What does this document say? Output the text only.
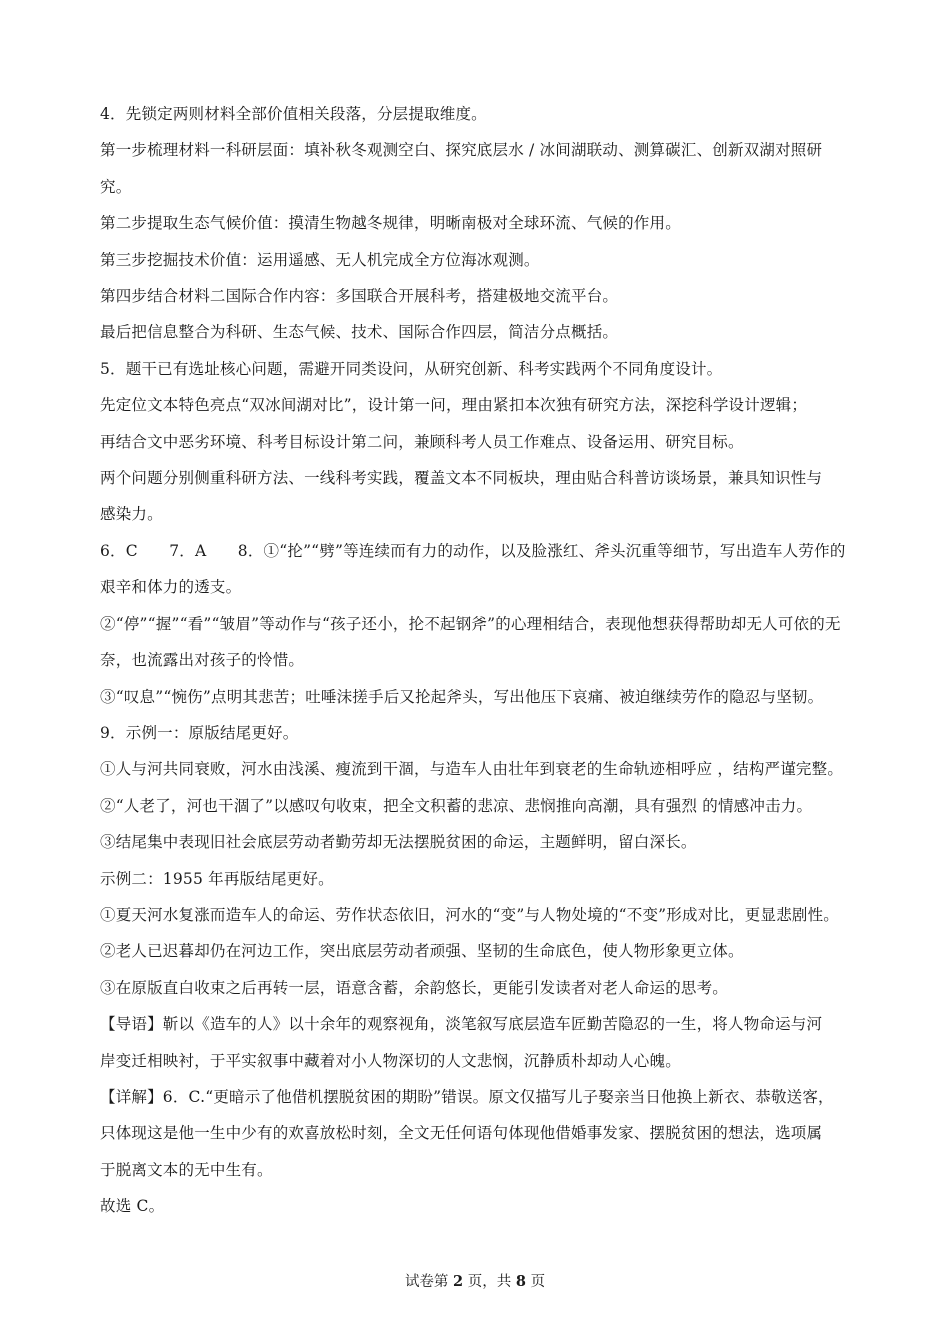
4．先锁定两则材料全部价值相关段落，分层提取维度。
第一步梳理材料一科研层面：填补秋冬观测空白、探究底层水 / 冰间湖联动、测算碳汇、创新双湖对照研
究。
第二步提取生态气候价值：摸清生物越冬规律，明晰南极对全球环流、气候的作用。
第三步挖掘技术价值：运用遥感、无人机完成全方位海冰观测。
第四步结合材料二国际合作内容：多国联合开展科考，搭建极地交流平台。
最后把信息整合为科研、生态气候、技术、国际合作四层，简洁分点概括。
5．题干已有选址核心问题，需避开同类设问，从研究创新、科考实践两个不同角度设计。
先定位文本特色亮点“双冰间湖对比”，设计第一问，理由紧扣本次独有研究方法，深挖科学设计逻辑；
再结合文中恶劣环境、科考目标设计第二问，兼顾科考人员工作难点、设备运用、研究目标。
两个问题分别侧重科研方法、一线科考实践，覆盖文本不同板块，理由贴合科普访谈场景，兼具知识性与
感染力。
6．C　　7．A　　8．①“抡”“劈”等连续而有力的动作，以及脸涨红、斧头沉重等细节，写出造车人劳作的
艰辛和体力的透支。
②“停”“握”“看”“皱眉”等动作与“孩子还小，抡不起钢斧”的心理相结合，表现他想获得帮助却无人可依的无
奈，也流露出对孩子的怜惜。
③“叹息”“惋伤”点明其悲苦；吐唾沫搓手后又抡起斧头，写出他压下哀痛、被迫继续劳作的隐忍与坚韧。
9．示例一：原版结尾更好。
①人与河共同衰败，河水由浅溪、瘦流到干涸，与造车人由壮年到衰老的生命轨迹相呼应 ，结构严谨完整。
②“人老了，河也干涸了”以感叹句收束，把全文积蓄的悲凉、悲悯推向高潮，具有强烈 的情感冲击力。
③结尾集中表现旧社会底层劳动者勤劳却无法摆脱贫困的命运，主题鲜明，留白深长。
示例二：1955 年再版结尾更好。
①夏天河水复涨而造车人的命运、劳作状态依旧，河水的“变”与人物处境的“不变”形成对比，更显悲剧性。
②老人已迟暮却仍在河边工作，突出底层劳动者顽强、坚韧的生命底色，使人物形象更立体。
③在原版直白收束之后再转一层，语意含蓄，余韵悠长，更能引发读者对老人命运的思考。
【导语】靳以《造车的人》以十余年的观察视角，淡笔叙写底层造车匠勤苦隐忍的一生，将人物命运与河
岸变迁相映衬，于平实叙事中藏着对小人物深切的人文悲悯，沉静质朴却动人心魄。
【详解】6．C.“更暗示了他借机摆脱贫困的期盼”错误。原文仅描写儿子娶亲当日他换上新衣、恭敬送客，
只体现这是他一生中少有的欢喜放松时刻，全文无任何语句体现他借婚事发家、摆脱贫困的想法，选项属
于脱离文本的无中生有。
故选 C。
试卷第 2 页，共 8 页
